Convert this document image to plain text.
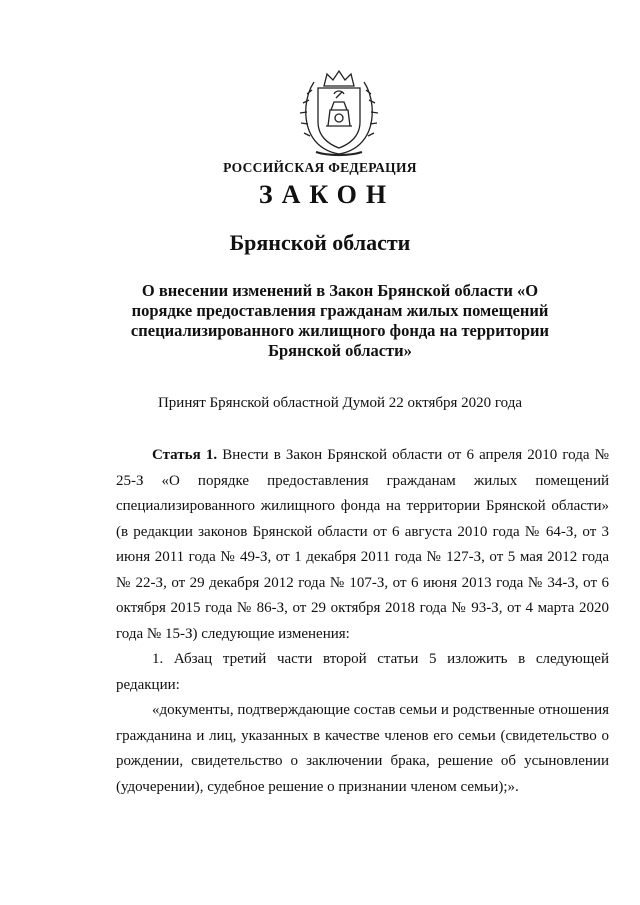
РОССИЙСКАЯ ФЕДЕРАЦИЯ
ЗАКОН
Брянской области
О внесении изменений в Закон Брянской области «О порядке предоставления гражданам жилых помещений специализированного жилищного фонда на территории Брянской области»
Принят Брянской областной Думой 22 октября 2020 года

Статья 1. Внести в Закон Брянской области от 6 апреля 2010 года № 25-З «О порядке предоставления гражданам жилых помещений специализированного жилищного фонда на территории Брянской области» (в редакции законов Брянской области от 6 августа 2010 года № 64-З, от 3 июня 2011 года № 49-З, от 1 декабря 2011 года № 127-З, от 5 мая 2012 года № 22-З, от 29 декабря 2012 года № 107-З, от 6 июня 2013 года № 34-З, от 6 октября 2015 года № 86-З, от 29 октября 2018 года № 93-З, от 4 марта 2020 года № 15-З) следующие изменения:

1. Абзац третий части второй статьи 5 изложить в следующей редакции:

«документы, подтверждающие состав семьи и родственные отношения гражданина и лиц, указанных в качестве членов его семьи (свидетельство о рождении, свидетельство о заключении брака, решение об усыновлении (удочерении), судебное решение о признании членом семьи);».
